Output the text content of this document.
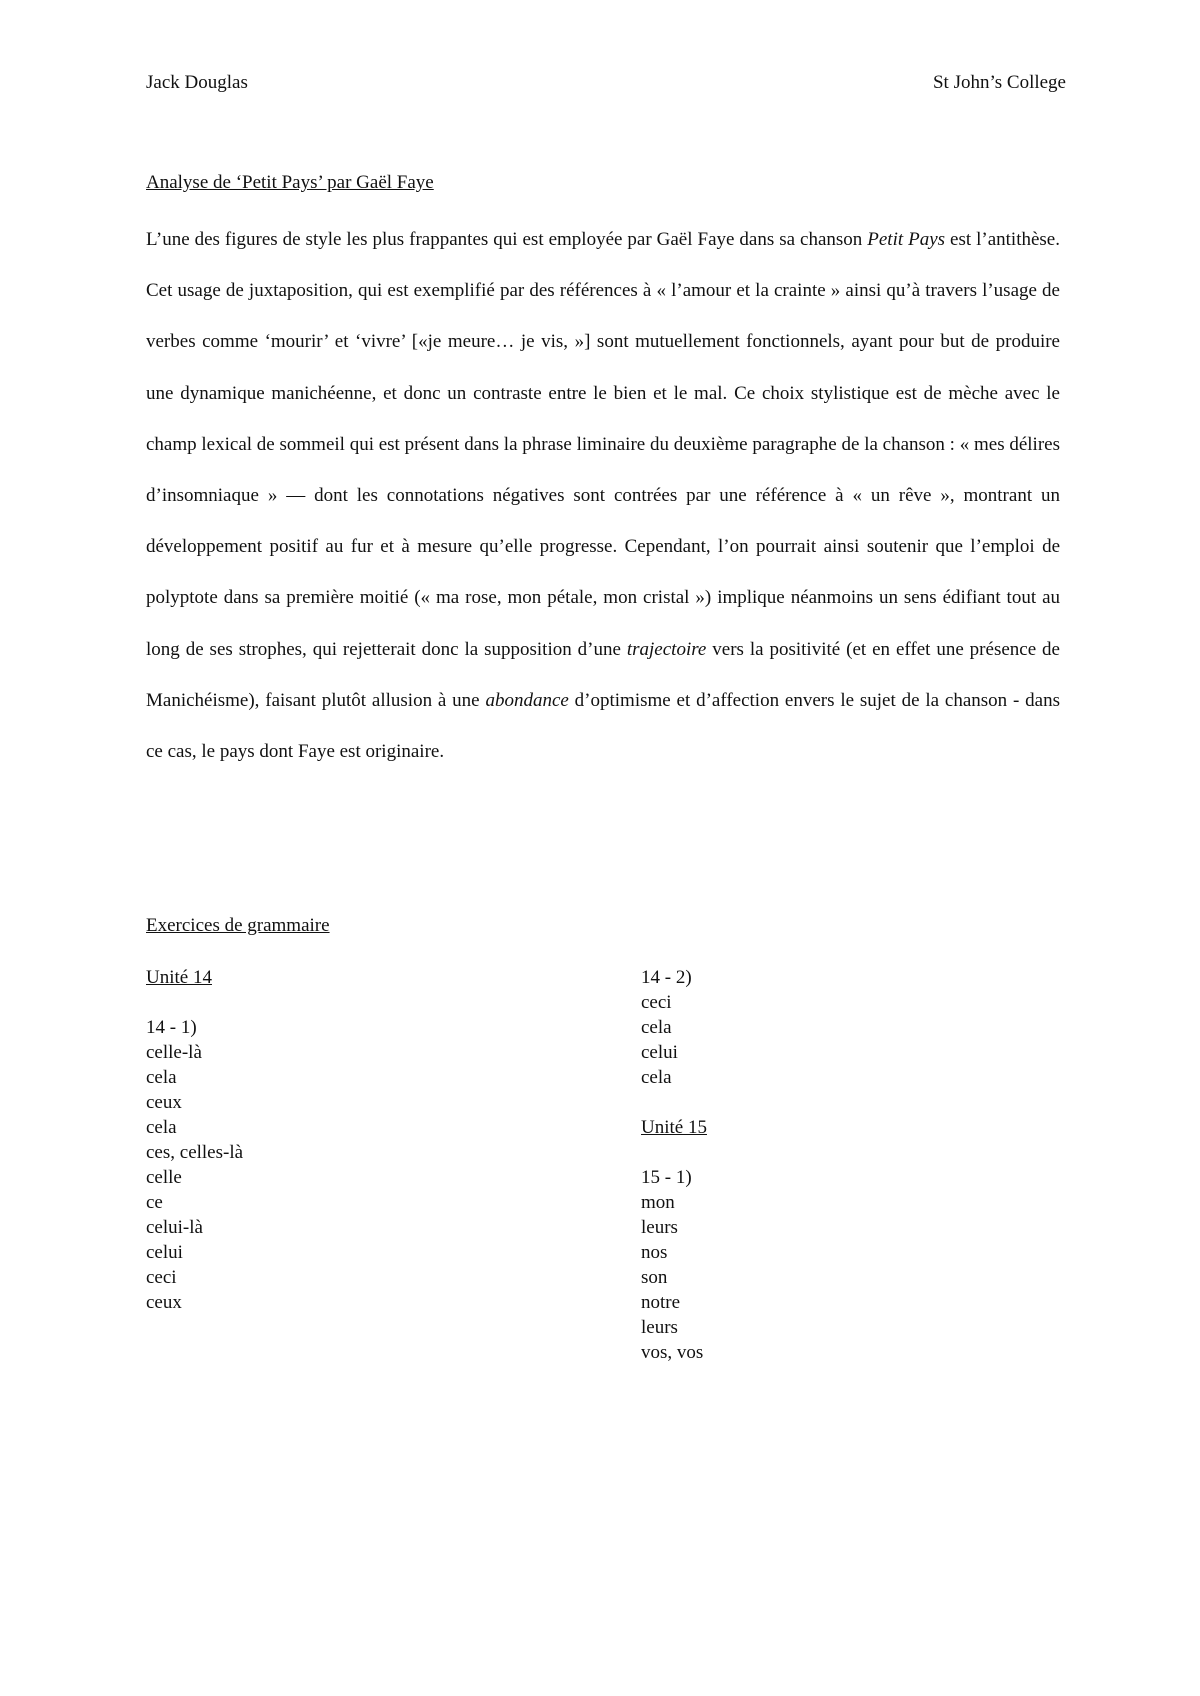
Jack Douglas	St John’s College
Analyse de ‘Petit Pays’ par Gaël Faye

L’une des figures de style les plus frappantes qui est employée par Gaël Faye dans sa chanson Petit Pays est l’antithèse. Cet usage de juxtaposition, qui est exemplifié par des références à « l’amour et la crainte » ainsi qu’à travers l’usage de verbes comme ‘mourir’ et ‘vivre’ [«je meure… je vis, »] sont mutuellement fonctionnels, ayant pour but de produire une dynamique manichéenne, et donc un contraste entre le bien et le mal. Ce choix stylistique est de mèche avec le champ lexical de sommeil qui est présent dans la phrase liminaire du deuxième paragraphe de la chanson : « mes délires d’insomniaque » — dont les connotations négatives sont contrées par une référence à « un rêve », montrant un développement positif au fur et à mesure qu’elle progresse. Cependant, l’on pourrait ainsi soutenir que l’emploi de polyptote dans sa première moitié (« ma rose, mon pétale, mon cristal ») implique néanmoins un sens édifiant tout au long de ses strophes, qui rejetterait donc la supposition d’une trajectoire vers la positivité (et en effet une présence de Manichéisme), faisant plutôt allusion à une abondance d’optimisme et d’affection envers le sujet de la chanson - dans ce cas, le pays dont Faye est originaire.

Exercices de grammaire
Unité 14
14 - 1)
celle-là
cela
ceux
cela
ces, celles-là
celle
ce
celui-là
celui
ceci
ceux
14 - 2)
ceci
cela
celui
cela
Unité 15
15 - 1)
mon
leurs
nos
son
notre
leurs
vos, vos
